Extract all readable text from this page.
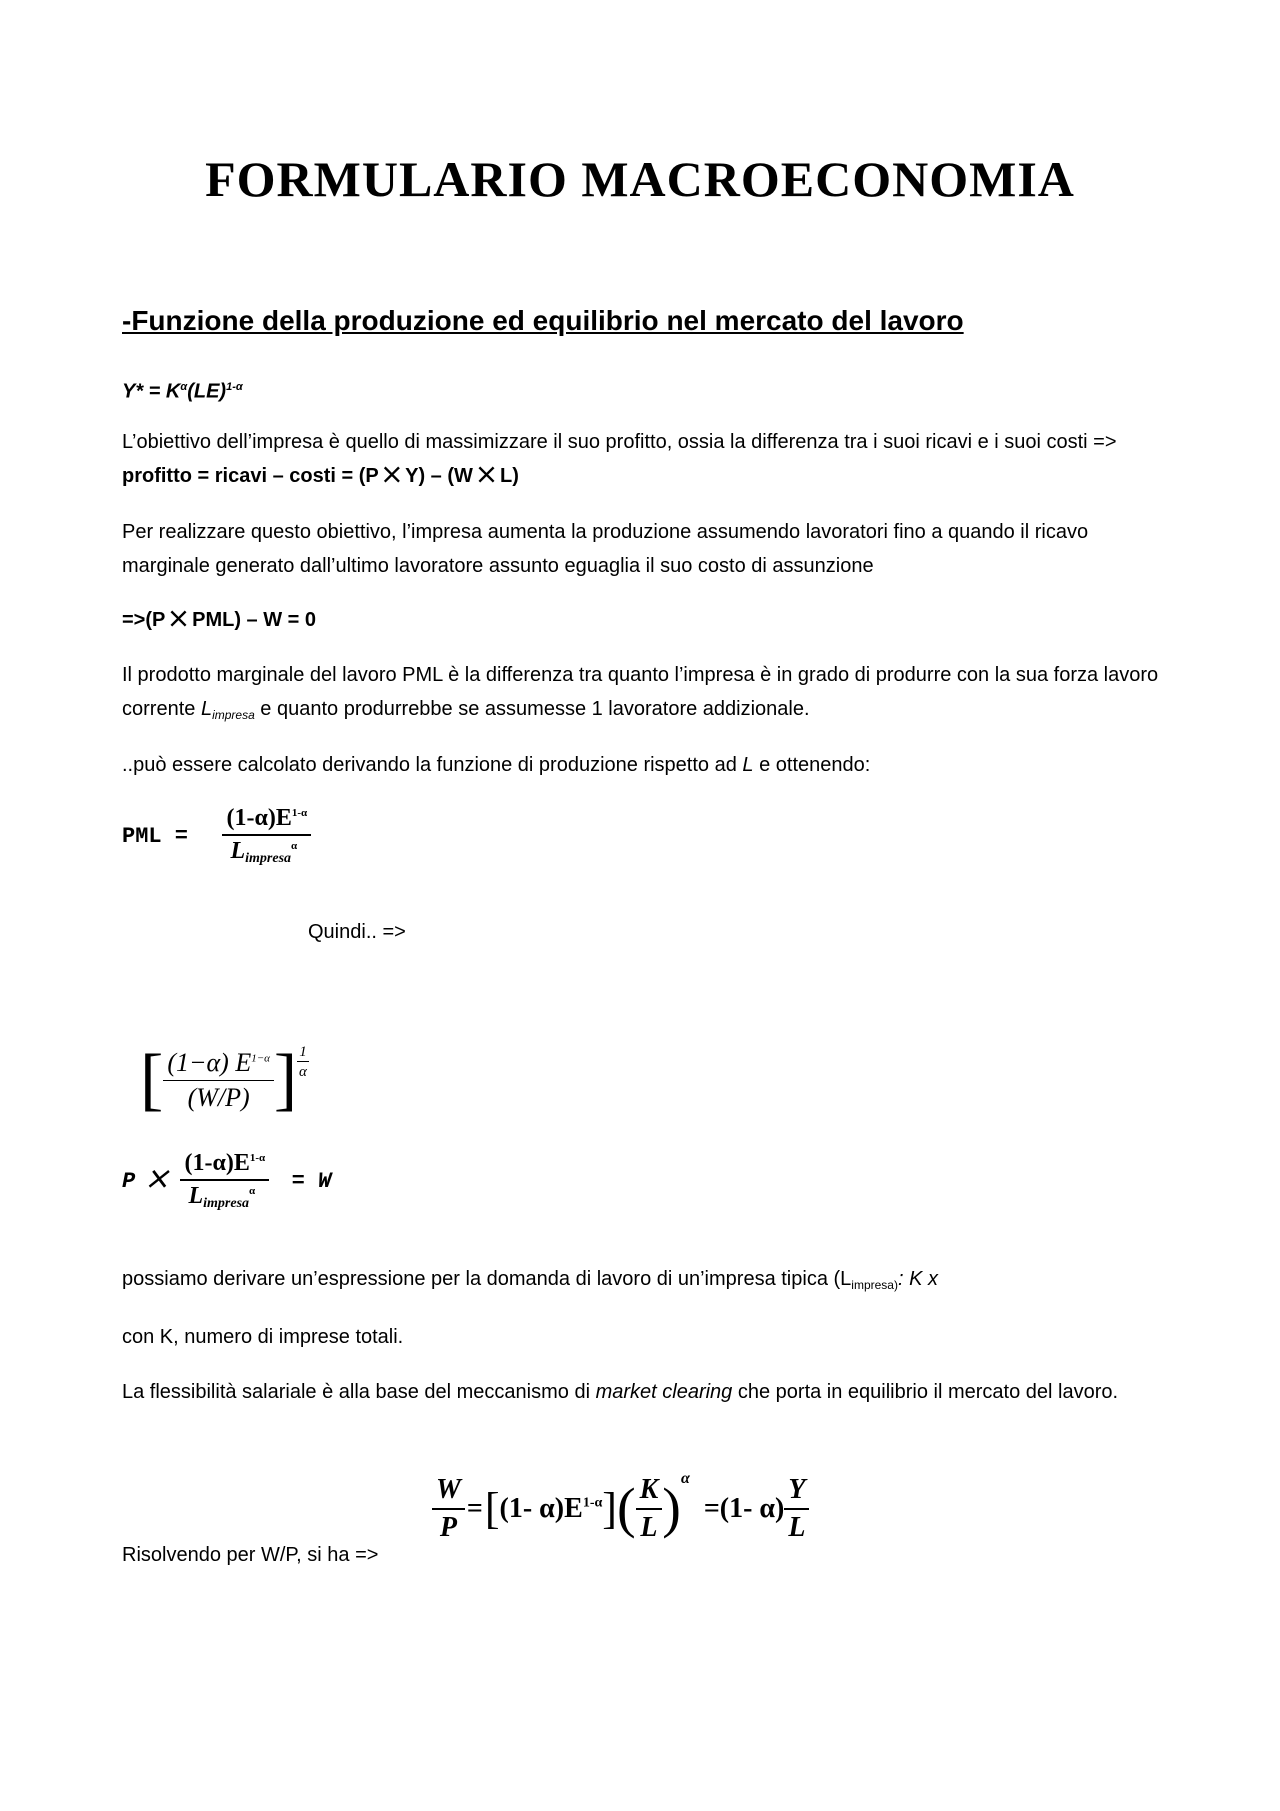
FORMULARIO MACROECONOMIA
-Funzione della produzione ed equilibrio nel mercato del lavoro
$Y* = K^\alpha(LE)^{1-\alpha}$
L’obiettivo dell’impresa è quello di massimizzare il suo profitto, ossia la differenza tra i suoi ricavi e i suoi costi => profitto = ricavi – costi = (P ⨉ Y) – (W ⨉ L)
Per realizzare questo obiettivo, l’impresa aumenta la produzione assumendo lavoratori fino a quando il ricavo marginale generato dall’ultimo lavoratore assunto eguaglia il suo costo di assunzione
=>(P ⨉ PML) – W = 0
Il prodotto marginale del lavoro PML è la differenza tra quanto l’impresa è in grado di produrre con la sua forza lavoro corrente $L_{impresa}$ e quanto produrrebbe se assumesse 1 lavoratore addizionale.
..può essere calcolato derivando la funzione di produzione rispetto ad L e ottenendo:
PML = $\frac{(1-\alpha)E^{1-\alpha}}{L_{impresa}^\alpha}$
Quindi.. =>
[ $\frac{(1-\alpha) E^{1-\alpha}}{(W/P)}$ ] $\frac{1}{\alpha}$
P ⨉ $\frac{(1-\alpha)E^{1-\alpha}}{L_{impresa}^\alpha} = W$
possiamo derivare un’espressione per la domanda di lavoro di un’impresa tipica ($L_{impresa)}$: K x
con K, numero di imprese totali.
La flessibilità salariale è alla base del meccanismo di market clearing che porta in equilibrio il mercato del lavoro.
Risolvendo per W/P, si ha =>
$\frac{W}{P} =[(1-$ $\alpha)E^{1-\alpha}]( \frac{K}{L} )^\alpha=(1-$ $\alpha) \frac{Y}{L}$
